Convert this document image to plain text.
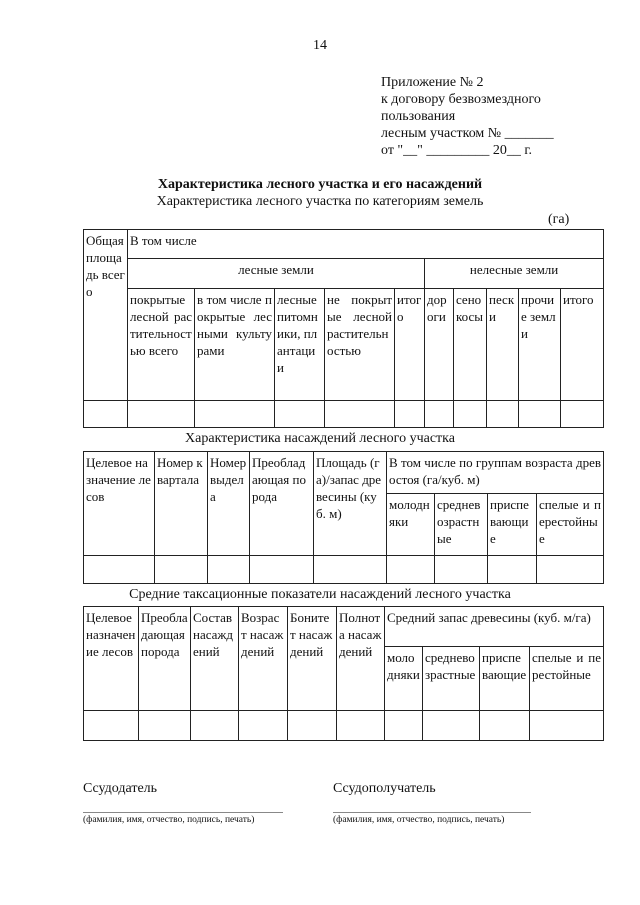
14
Приложение № 2
к договору безвозмездного
пользования
лесным участком № _______
от "__" _________ 20__ г.
Характеристика лесного участка и его насаждений
Характеристика лесного участка по категориям земель
(га)
Общая площадь всего	В том числе									
	лесные земли					нелесные земли				
	покрытые лесной растительностью всего	в том числе покрытые лесными культурами	лесные питомники, плантации	не покрытые лесной растительностью	итого	дороги	сенокосы	пески	прочие земли	итого

Характеристика насаждений лесного участка
Целевое назначение лесов	Номер квартала	Номер выдела	Преобладающая порода	Площадь (га)/запас древесины (куб. м)	В том числе по группам возраста древостоя (га/куб. м)			
					молодняки	средневозрастные	приспевающие	спелые и перестойные

Средние таксационные показатели насаждений лесного участка
Целевое назначение лесов	Преобладающая порода	Состав насаждений	Возраст насаждений	Бонитет насаждений	Полнота насаждений	Средний запас древесины (куб. м/га)			
						молодняки	средневозрастные	приспевающие	спелые и перестойные

Ссудодатель	Ссудополучатель
(фамилия, имя, отчество, подпись, печать)	(фамилия, имя, отчество, подпись, печать)
